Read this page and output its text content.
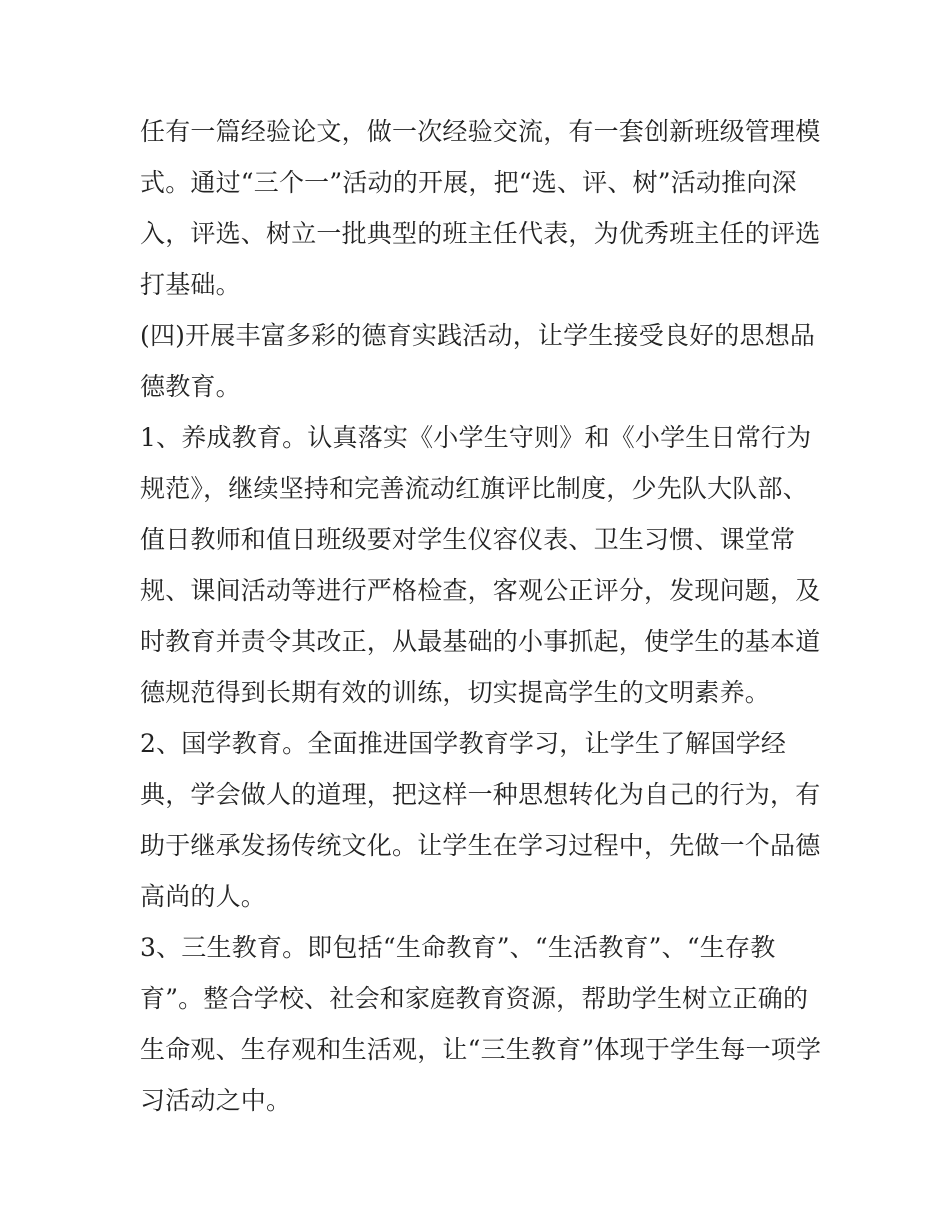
任有一篇经验论文，做一次经验交流，有一套创新班级管理模
式。通过“三个一”活动的开展，把“选、评、树”活动推向深
入，评选、树立一批典型的班主任代表，为优秀班主任的评选
打基础。
(四)开展丰富多彩的德育实践活动，让学生接受良好的思想品
德教育。
1、养成教育。认真落实《小学生守则》和《小学生日常行为
规范》，继续坚持和完善流动红旗评比制度，少先队大队部、
值日教师和值日班级要对学生仪容仪表、卫生习惯、课堂常
规、课间活动等进行严格检查，客观公正评分，发现问题，及
时教育并责令其改正，从最基础的小事抓起，使学生的基本道
德规范得到长期有效的训练，切实提高学生的文明素养。
2、国学教育。全面推进国学教育学习，让学生了解国学经
典，学会做人的道理，把这样一种思想转化为自己的行为，有
助于继承发扬传统文化。让学生在学习过程中，先做一个品德
高尚的人。
3、三生教育。即包括“生命教育”、“生活教育”、“生存教
育”。整合学校、社会和家庭教育资源，帮助学生树立正确的
生命观、生存观和生活观，让“三生教育”体现于学生每一项学
习活动之中。
